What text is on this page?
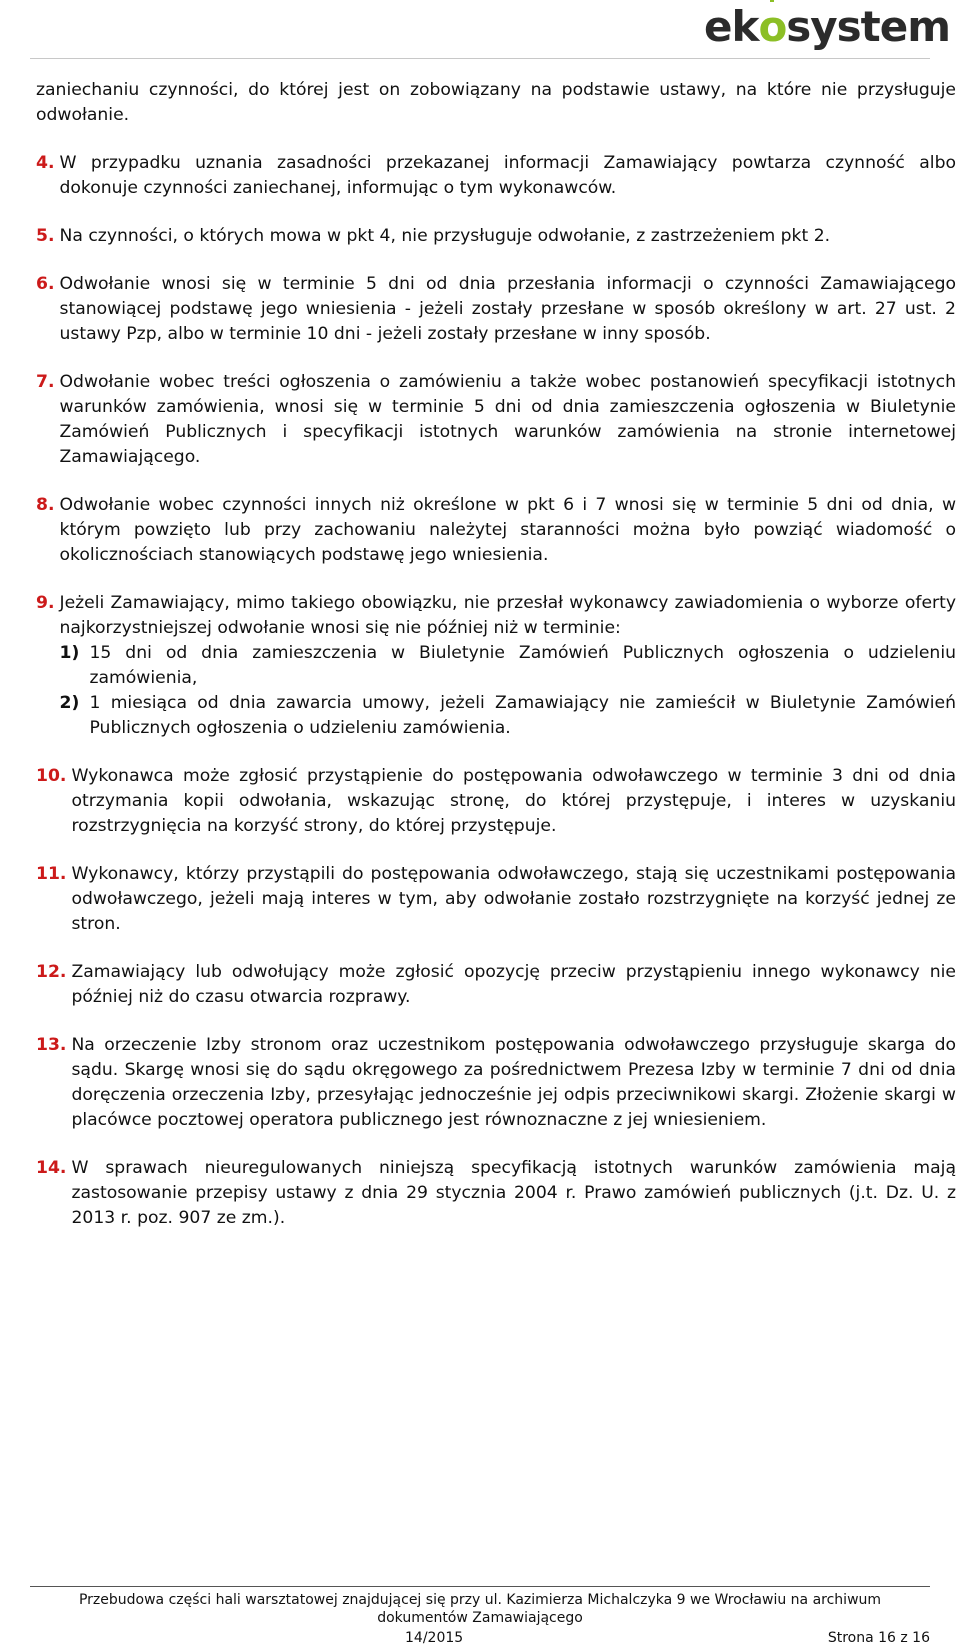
ekosystem

zaniechaniu czynności, do której jest on zobowiązany na podstawie ustawy, na które nie przysługuje odwołanie.

4. W przypadku uznania zasadności przekazanej informacji Zamawiający powtarza czynność albo dokonuje czynności zaniechanej, informując o tym wykonawców.
5. Na czynności, o których mowa w pkt 4, nie przysługuje odwołanie, z zastrzeżeniem pkt 2.
6. Odwołanie wnosi się w terminie 5 dni od dnia przesłania informacji o czynności Zamawiającego stanowiącej podstawę jego wniesienia - jeżeli zostały przesłane w sposób określony w art. 27 ust. 2 ustawy Pzp, albo w terminie 10 dni - jeżeli zostały przesłane w inny sposób.
7. Odwołanie wobec treści ogłoszenia o zamówieniu a także wobec postanowień specyfikacji istotnych warunków zamówienia, wnosi się w terminie 5 dni od dnia zamieszczenia ogłoszenia w Biuletynie Zamówień Publicznych i specyfikacji istotnych warunków zamówienia na stronie internetowej Zamawiającego.
8. Odwołanie wobec czynności innych niż określone w pkt 6 i 7 wnosi się w terminie 5 dni od dnia, w którym powzięto lub przy zachowaniu należytej staranności można było powziąć wiadomość o okolicznościach stanowiących podstawę jego wniesienia.
9. Jeżeli Zamawiający, mimo takiego obowiązku, nie przesłał wykonawcy zawiadomienia o wyborze oferty najkorzystniejszej odwołanie wnosi się nie później niż w terminie:
1) 15 dni od dnia zamieszczenia w Biuletynie Zamówień Publicznych ogłoszenia o udzieleniu zamówienia,
2) 1 miesiąca od dnia zawarcia umowy, jeżeli Zamawiający nie zamieścił w Biuletynie Zamówień Publicznych ogłoszenia o udzieleniu zamówienia.
10. Wykonawca może zgłosić przystąpienie do postępowania odwoławczego w terminie 3 dni od dnia otrzymania kopii odwołania, wskazując stronę, do której przystępuje, i interes w uzyskaniu rozstrzygnięcia na korzyść strony, do której przystępuje.
11. Wykonawcy, którzy przystąpili do postępowania odwoławczego, stają się uczestnikami postępowania odwoławczego, jeżeli mają interes w tym, aby odwołanie zostało rozstrzygnięte na korzyść jednej ze stron.
12. Zamawiający lub odwołujący może zgłosić opozycję przeciw przystąpieniu innego wykonawcy nie później niż do czasu otwarcia rozprawy.
13. Na orzeczenie Izby stronom oraz uczestnikom postępowania odwoławczego przysługuje skarga do sądu. Skargę wnosi się do sądu okręgowego za pośrednictwem Prezesa Izby w terminie 7 dni od dnia doręczenia orzeczenia Izby, przesyłając jednocześnie jej odpis przeciwnikowi skargi. Złożenie skargi w placówce pocztowej operatora publicznego jest równoznaczne z jej wniesieniem.
14. W sprawach nieuregulowanych niniejszą specyfikacją istotnych warunków zamówienia mają zastosowanie przepisy ustawy z dnia 29 stycznia 2004 r. Prawo zamówień publicznych (j.t. Dz. U. z 2013 r. poz. 907 ze zm.).
Przebudowa części hali warsztatowej znajdującej się przy ul. Kazimierza Michalczyka 9 we Wrocławiu na archiwum
dokumentów Zamawiającego
14/2015	Strona 16 z 16
